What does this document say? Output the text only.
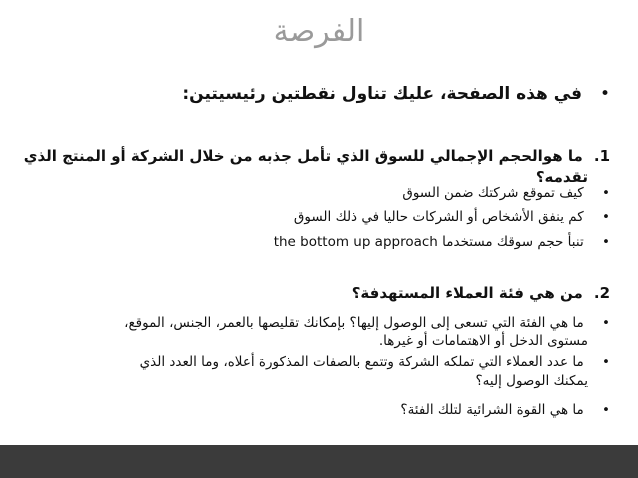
الفرصة
• في هذه الصفحة، عليك تناول نقطتين رئيسيتين:
1. ما هوالحجم الإجمالي للسوق الذي تأمل جذبه من خلال الشركة أو المنتج الذي
تقدمه؟
• كيف تموقع شركتك ضمن السوق
• كم ينفق الأشخاص أو الشركات حاليا في ذلك السوق
• تنبأ حجم سوقك مستخدما the bottom up approach
2. من هي فئة العملاء المستهدفة؟
• ما هي الفئة التي تسعى إلى الوصول إليها؟ بإمكانك تقليصها بالعمر، الجنس، الموقع،
مستوى الدخل أو الاهتمامات أو غيرها.
• ما عدد العملاء التي تملكه الشركة وتتمع بالصفات المذكورة أعلاه، وما العدد الذي
يمكنك الوصول إليه؟
• ما هي القوة الشرائية لتلك الفئة؟
